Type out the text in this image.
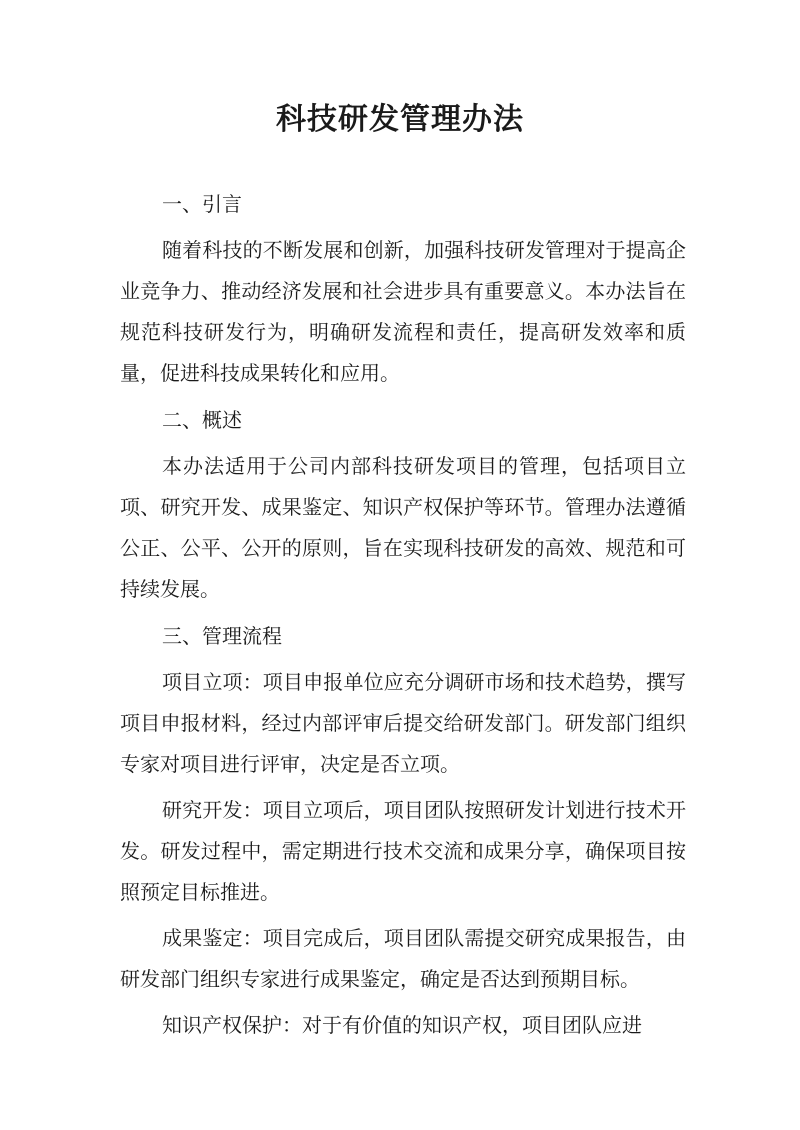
科技研发管理办法
一、引言

随着科技的不断发展和创新，加强科技研发管理对于提高企业竞争力、推动经济发展和社会进步具有重要意义。本办法旨在规范科技研发行为，明确研发流程和责任，提高研发效率和质量，促进科技成果转化和应用。

二、概述

本办法适用于公司内部科技研发项目的管理，包括项目立项、研究开发、成果鉴定、知识产权保护等环节。管理办法遵循公正、公平、公开的原则，旨在实现科技研发的高效、规范和可持续发展。

三、管理流程

项目立项：项目申报单位应充分调研市场和技术趋势，撰写项目申报材料，经过内部评审后提交给研发部门。研发部门组织专家对项目进行评审，决定是否立项。

研究开发：项目立项后，项目团队按照研发计划进行技术开发。研发过程中，需定期进行技术交流和成果分享，确保项目按照预定目标推进。

成果鉴定：项目完成后，项目团队需提交研究成果报告，由研发部门组织专家进行成果鉴定，确定是否达到预期目标。

知识产权保护：对于有价值的知识产权，项目团队应进
